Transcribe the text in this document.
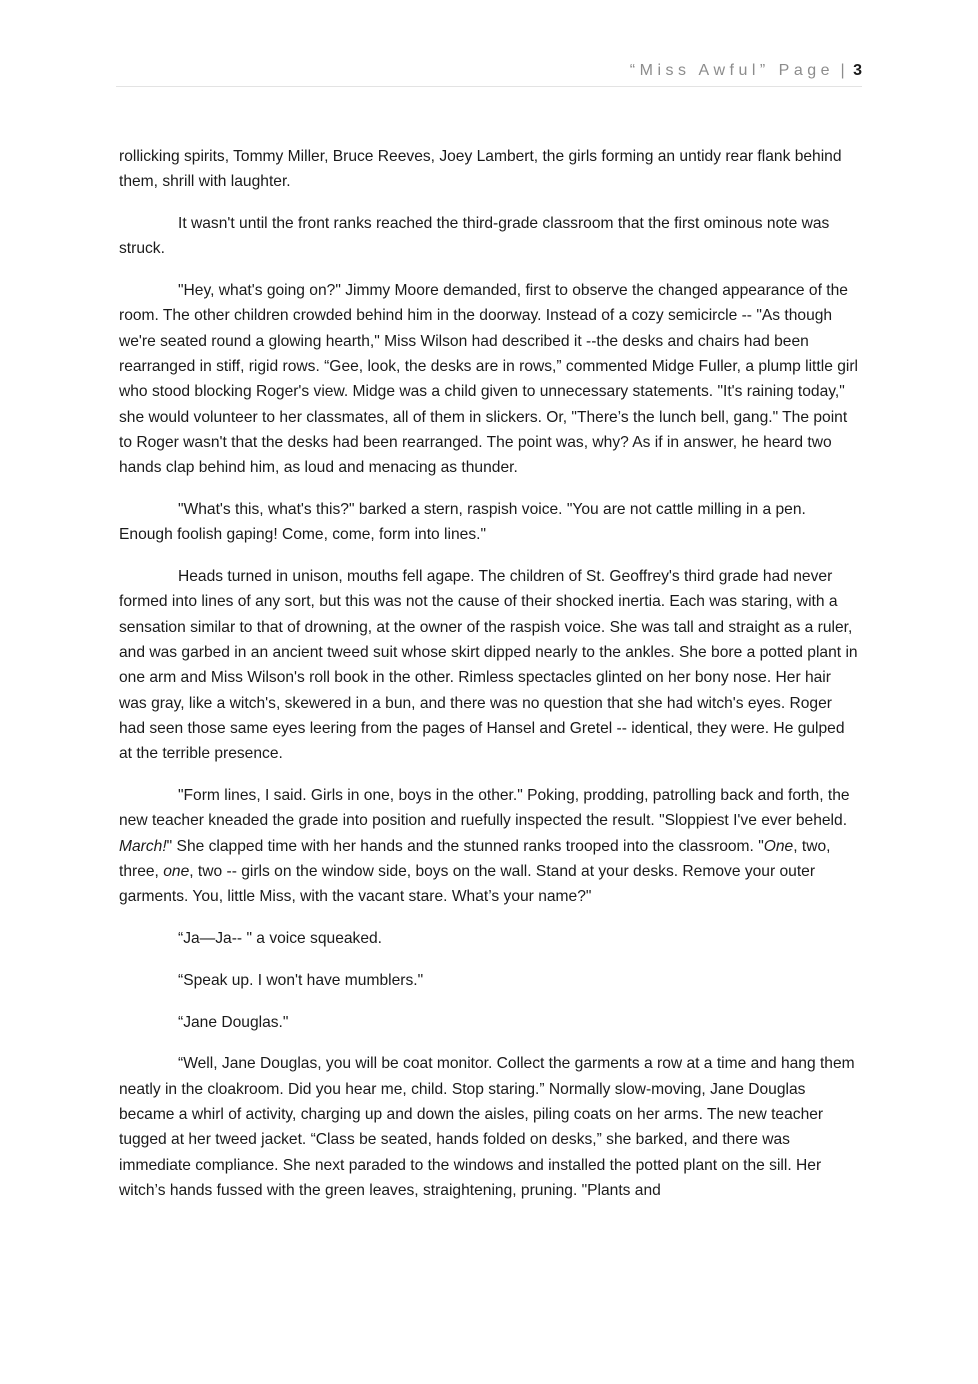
“Miss Awful” Page | 3

rollicking spirits, Tommy Miller, Bruce Reeves, Joey Lambert, the girls forming an untidy rear flank behind them, shrill with laughter.

It wasn't until the front ranks reached the third-grade classroom that the first ominous note was struck.

"Hey, what's going on?" Jimmy Moore demanded, first to observe the changed appearance of the room. The other children crowded behind him in the doorway. Instead of a cozy semicircle -- "As though we're seated round a glowing hearth," Miss Wilson had described it --the desks and chairs had been rearranged in stiff, rigid rows. “Gee, look, the desks are in rows,” commented Midge Fuller, a plump little girl who stood blocking Roger's view. Midge was a child given to unnecessary statements. "It's raining today," she would volunteer to her classmates, all of them in slickers. Or, "There’s the lunch bell, gang." The point to Roger wasn't that the desks had been rearranged. The point was, why? As if in answer, he heard two hands clap behind him, as loud and menacing as thunder.

"What's this, what's this?" barked a stern, raspish voice. "You are not cattle milling in a pen. Enough foolish gaping! Come, come, form into lines."

Heads turned in unison, mouths fell agape. The children of St. Geoffrey's third grade had never formed into lines of any sort, but this was not the cause of their shocked inertia. Each was staring, with a sensation similar to that of drowning, at the owner of the raspish voice. She was tall and straight as a ruler, and was garbed in an ancient tweed suit whose skirt dipped nearly to the ankles. She bore a potted plant in one arm and Miss Wilson's roll book in the other. Rimless spectacles glinted on her bony nose. Her hair was gray, like a witch's, skewered in a bun, and there was no question that she had witch's eyes. Roger had seen those same eyes leering from the pages of Hansel and Gretel -- identical, they were. He gulped at the terrible presence.

"Form lines, I said. Girls in one, boys in the other." Poking, prodding, patrolling back and forth, the new teacher kneaded the grade into position and ruefully inspected the result. "Sloppiest I've ever beheld. March!" She clapped time with her hands and the stunned ranks trooped into the classroom. "One, two, three, one, two -- girls on the window side, boys on the wall. Stand at your desks. Remove your outer garments. You, little Miss, with the vacant stare. What’s your name?"

“Ja—Ja-- " a voice squeaked.

“Speak up. I won't have mumblers."

“Jane Douglas."

“Well, Jane Douglas, you will be coat monitor. Collect the garments a row at a time and hang them neatly in the cloakroom. Did you hear me, child. Stop staring.” Normally slow-moving, Jane Douglas became a whirl of activity, charging up and down the aisles, piling coats on her arms. The new teacher tugged at her tweed jacket. “Class be seated, hands folded on desks,” she barked, and there was immediate compliance. She next paraded to the windows and installed the potted plant on the sill. Her witch’s hands fussed with the green leaves, straightening, pruning. "Plants and
